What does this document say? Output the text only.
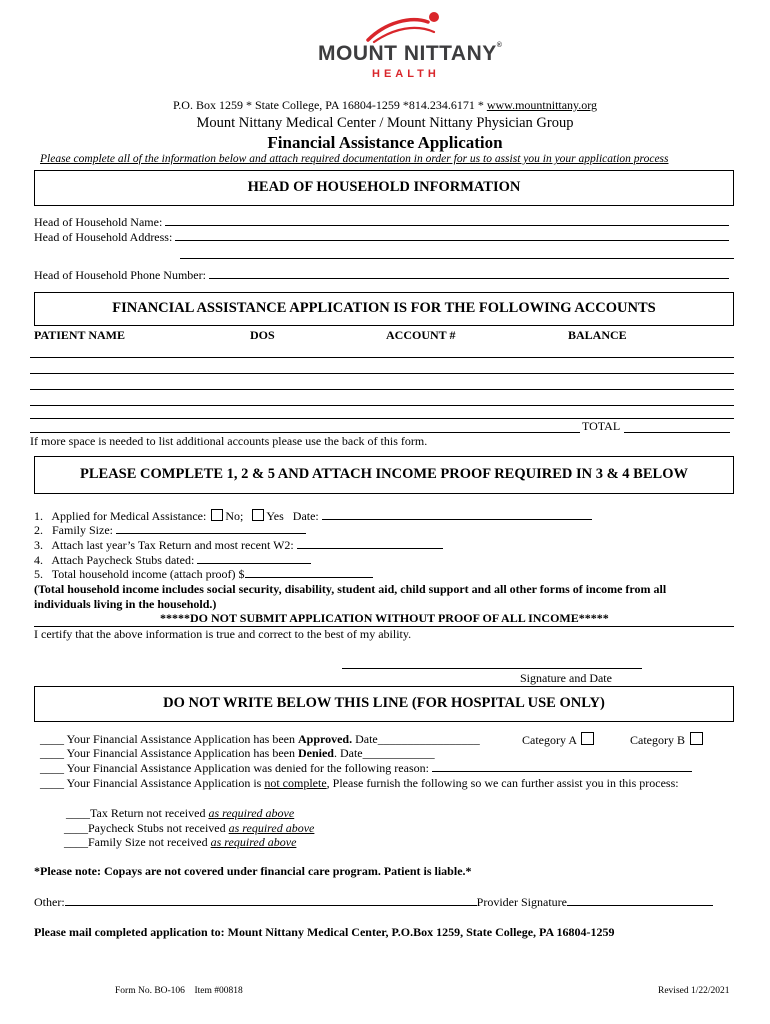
MOUNT NITTANY®
HEALTH
P.O. Box 1259 * State College, PA 16804-1259 *814.234.6171 * www.mountnittany.org
Mount Nittany Medical Center / Mount Nittany Physician Group
Financial Assistance Application
Please complete all of the information below and attach required documentation in order for us to assist you in your application process
HEAD OF HOUSEHOLD INFORMATION
Head of Household Name:
Head of Household Address:
Head of Household Phone Number:
FINANCIAL ASSISTANCE APPLICATION IS FOR THE FOLLOWING ACCOUNTS
PATIENT NAME	DOS	ACCOUNT #	BALANCE
TOTAL
If more space is needed to list additional accounts please use the back of this form.
PLEASE COMPLETE 1, 2 & 5 AND ATTACH INCOME PROOF REQUIRED IN 3 & 4 BELOW
1.   Applied for Medical Assistance: No; Yes Date:
2.   Family Size:
3.   Attach last year’s Tax Return and most recent W2:
4.   Attach Paycheck Stubs dated:
5.   Total household income (attach proof) $
(Total household income includes social security, disability, student aid, child support and all other forms of income from all
individuals living in the household.)
*****DO NOT SUBMIT APPLICATION WITHOUT PROOF OF ALL INCOME*****
I certify that the above information is true and correct to the best of my ability.
Signature and Date
DO NOT WRITE BELOW THIS LINE (FOR HOSPITAL USE ONLY)
____ Your Financial Assistance Application has been Approved. Date_________________	Category A	Category B
____ Your Financial Assistance Application has been Denied. Date____________
____ Your Financial Assistance Application was denied for the following reason:
____ Your Financial Assistance Application is not complete, Please furnish the following so we can further assist you in this process:
____Tax Return not received as required above
____Paycheck Stubs not received as required above
____Family Size not received as required above
*Please note: Copays are not covered under financial care program. Patient is liable.*
Other:	Provider Signature
Please mail completed application to: Mount Nittany Medical Center, P.O.Box 1259, State College, PA 16804-1259
Form No. BO-106 Item #00818	Revised 1/22/2021
